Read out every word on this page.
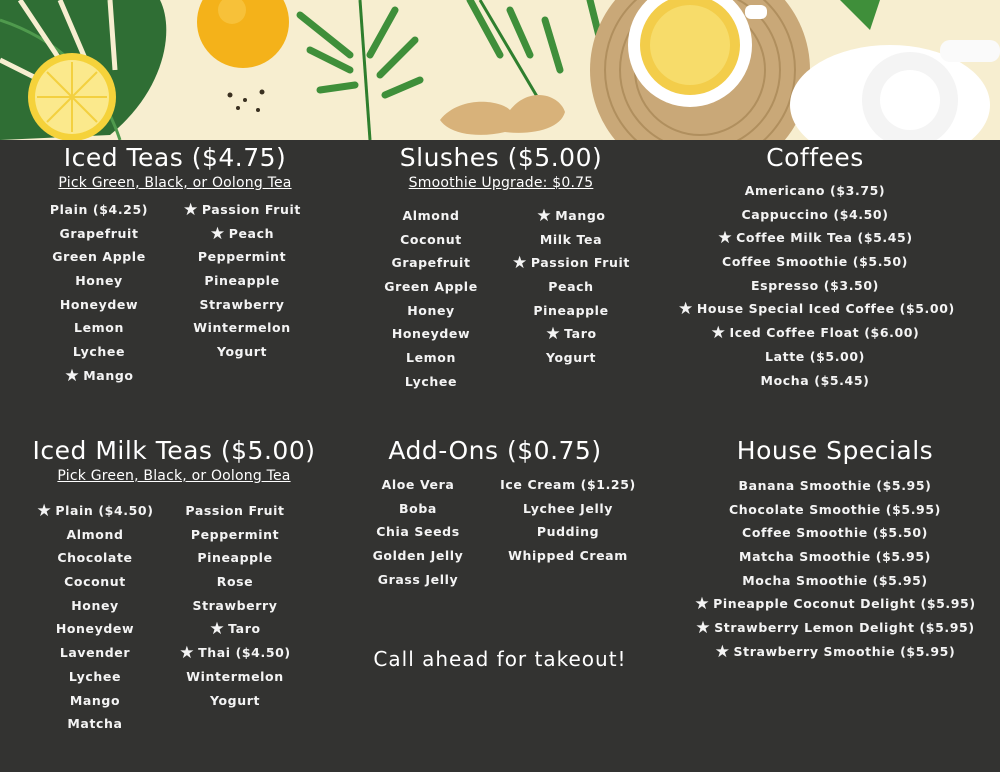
Iced Teas ($4.75)
Pick Green, Black, or Oolong Tea
Plain ($4.25)
Grapefruit
Green Apple
Honey
Honeydew
Lemon
Lychee
★ Mango
★ Passion Fruit
★ Peach
Peppermint
Pineapple
Strawberry
Wintermelon
Yogurt
Slushes ($5.00)
Smoothie Upgrade: $0.75
Almond
Coconut
Grapefruit
Green Apple
Honey
Honeydew
Lemon
Lychee
★ Mango
Milk Tea
★ Passion Fruit
Peach
Pineapple
★ Taro
Yogurt
Coffees
Americano ($3.75)
Cappuccino ($4.50)
★ Coffee Milk Tea ($5.45)
Coffee Smoothie ($5.50)
Espresso ($3.50)
★ House Special Iced Coffee ($5.00)
★ Iced Coffee Float ($6.00)
Latte ($5.00)
Mocha ($5.45)
Iced Milk Teas ($5.00)
Pick Green, Black, or Oolong Tea
★ Plain ($4.50)
Almond
Chocolate
Coconut
Honey
Honeydew
Lavender
Lychee
Mango
Matcha
Passion Fruit
Peppermint
Pineapple
Rose
Strawberry
★ Taro
★ Thai ($4.50)
Wintermelon
Yogurt
Add-Ons ($0.75)
Aloe Vera
Boba
Chia Seeds
Golden Jelly
Grass Jelly
Ice Cream ($1.25)
Lychee Jelly
Pudding
Whipped Cream
House Specials
Banana Smoothie ($5.95)
Chocolate Smoothie ($5.95)
Coffee Smoothie ($5.50)
Matcha Smoothie ($5.95)
Mocha Smoothie ($5.95)
★ Pineapple Coconut Delight ($5.95)
★ Strawberry Lemon Delight ($5.95)
★ Strawberry Smoothie ($5.95)
Call ahead for takeout!
